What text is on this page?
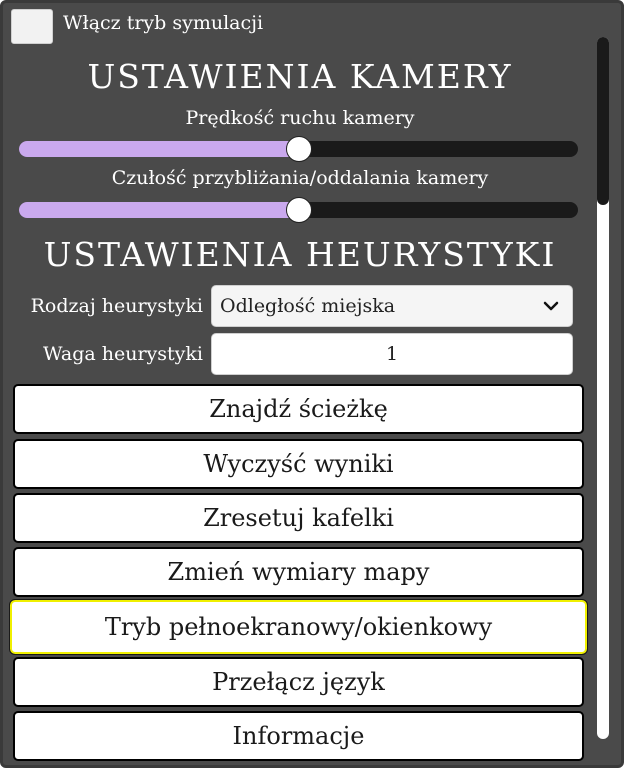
Włącz tryb symulacji
USTAWIENIA KAMERY
Prędkość ruchu kamery
Czułość przybliżania/oddalania kamery
USTAWIENIA HEURYSTYKI
Rodzaj heurystyki Odległość miejska
Waga heurystyki	1
Znajdź ścieżkę
Wyczyść wyniki
Zresetuj kafelki
Zmień wymiary mapy
Tryb pełnoekranowy/okienkowy
Przełącz język
Informacje
